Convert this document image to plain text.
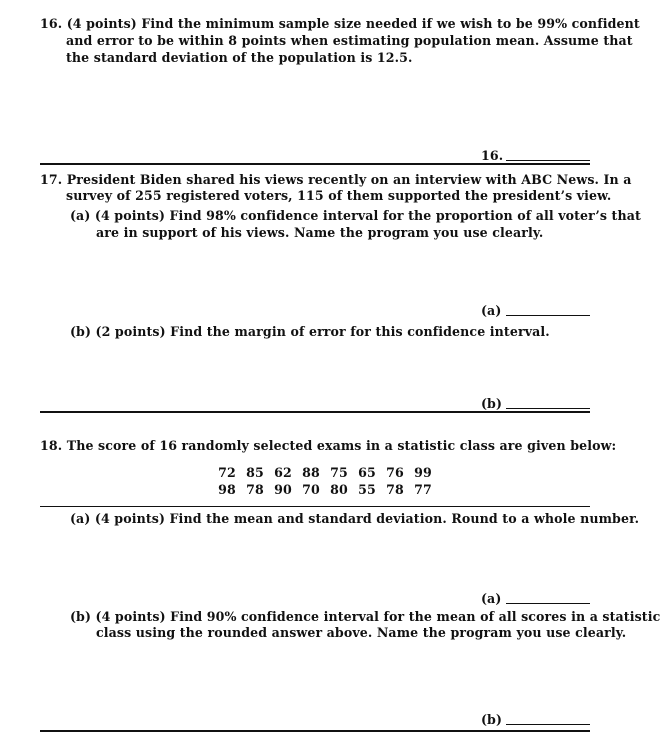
16. (4 points) Find the minimum sample size needed if we wish to be 99% confident
and error to be within 8 points when estimating population mean. Assume that
the standard deviation of the population is 12.5.
16.
17. President Biden shared his views recently on an interview with ABC News. In a
survey of 255 registered voters, 115 of them supported the president’s view.
(a) (4 points) Find 98% confidence interval for the proportion of all voter’s that
are in support of his views. Name the program you use clearly.
(a)
(b) (2 points) Find the margin of error for this confidence interval.
(b)
18. The score of 16 randomly selected exams in a statistic class are given below:
72 85 62 88 75 65 76 99
98 78 90 70 80 55 78 77
(a) (4 points) Find the mean and standard deviation. Round to a whole number.
(a)
(b) (4 points) Find 90% confidence interval for the mean of all scores in a statistic
class using the rounded answer above. Name the program you use clearly.
(b)
